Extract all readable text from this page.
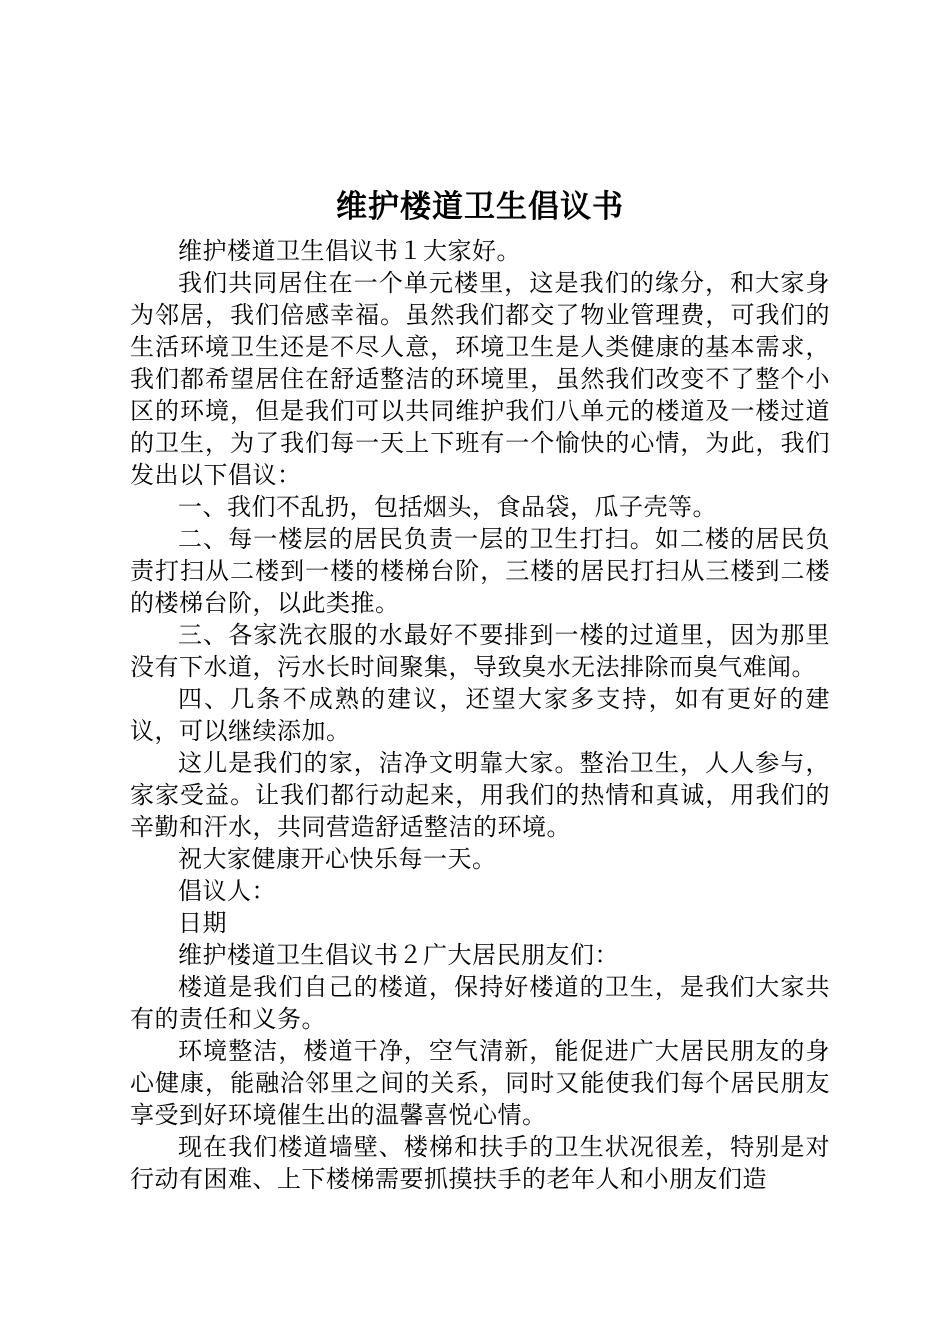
维护楼道卫生倡议书

维护楼道卫生倡议书１大家好。

我们共同居住在一个单元楼里，这是我们的缘分，和大家身为邻居，我们倍感幸福。虽然我们都交了物业管理费，可我们的生活环境卫生还是不尽人意，环境卫生是人类健康的基本需求，我们都希望居住在舒适整洁的环境里，虽然我们改变不了整个小区的环境，但是我们可以共同维护我们八单元的楼道及一楼过道的卫生，为了我们每一天上下班有一个愉快的心情，为此，我们发出以下倡议：

一、我们不乱扔，包括烟头，食品袋，瓜子壳等。

二、每一楼层的居民负责一层的卫生打扫。如二楼的居民负责打扫从二楼到一楼的楼梯台阶，三楼的居民打扫从三楼到二楼的楼梯台阶，以此类推。

三、各家洗衣服的水最好不要排到一楼的过道里，因为那里没有下水道，污水长时间聚集，导致臭水无法排除而臭气难闻。

四、几条不成熟的建议，还望大家多支持，如有更好的建议，可以继续添加。

这儿是我们的家，洁净文明靠大家。整治卫生，人人参与，家家受益。让我们都行动起来，用我们的热情和真诚，用我们的辛勤和汗水，共同营造舒适整洁的环境。

祝大家健康开心快乐每一天。

倡议人：

日期

维护楼道卫生倡议书２广大居民朋友们：

楼道是我们自己的楼道，保持好楼道的卫生，是我们大家共有的责任和义务。

环境整洁，楼道干净，空气清新，能促进广大居民朋友的身心健康，能融洽邻里之间的关系，同时又能使我们每个居民朋友享受到好环境催生出的温馨喜悦心情。

现在我们楼道墙壁、楼梯和扶手的卫生状况很差，特别是对行动有困难、上下楼梯需要抓摸扶手的老年人和小朋友们造
